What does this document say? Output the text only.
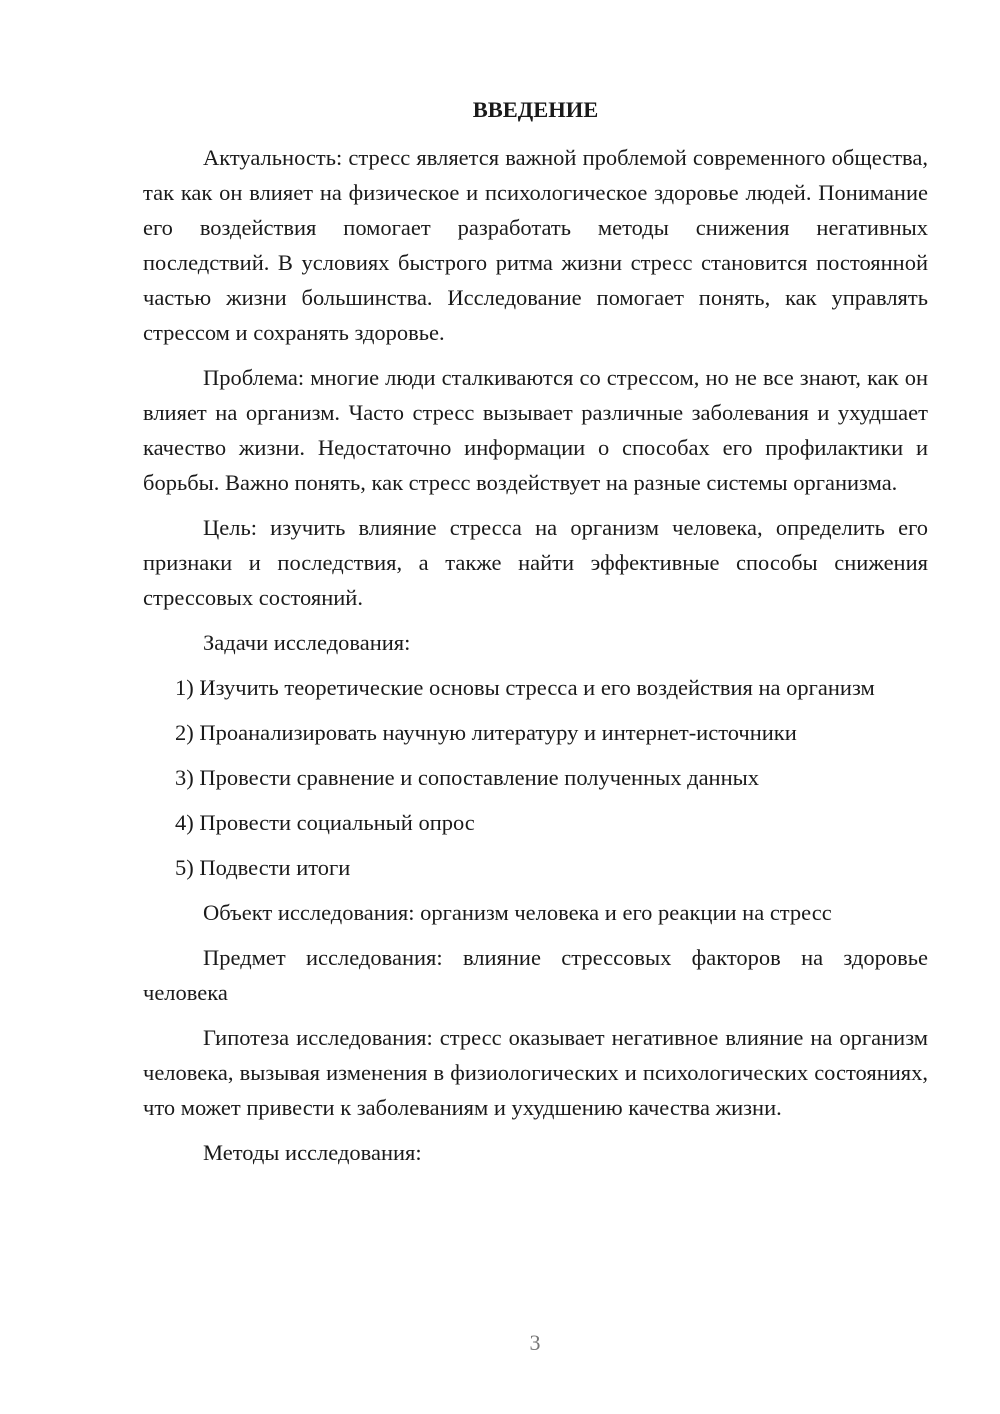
ВВЕДЕНИЕ

Актуальность: стресс является важной проблемой современного общества, так как он влияет на физическое и психологическое здоровье людей. Понимание его воздействия помогает разработать методы снижения негативных последствий. В условиях быстрого ритма жизни стресс становится постоянной частью жизни большинства. Исследование помогает понять, как управлять стрессом и сохранять здоровье.

Проблема: многие люди сталкиваются со стрессом, но не все знают, как он влияет на организм. Часто стресс вызывает различные заболевания и ухудшает качество жизни. Недостаточно информации о способах его профилактики и борьбы. Важно понять, как стресс воздействует на разные системы организма.

Цель: изучить влияние стресса на организм человека, определить его признаки и последствия, а также найти эффективные способы снижения стрессовых состояний.

Задачи исследования:

1) Изучить теоретические основы стресса и его воздействия на организм

2) Проанализировать научную литературу и интернет-источники

3) Провести сравнение и сопоставление полученных данных

4) Провести социальный опрос

5) Подвести итоги

Объект исследования: организм человека и его реакции на стресс

Предмет исследования: влияние стрессовых факторов на здоровье человека

Гипотеза исследования: стресс оказывает негативное влияние на организм человека, вызывая изменения в физиологических и психологических состояниях, что может привести к заболеваниям и ухудшению качества жизни.

Методы исследования:

3
